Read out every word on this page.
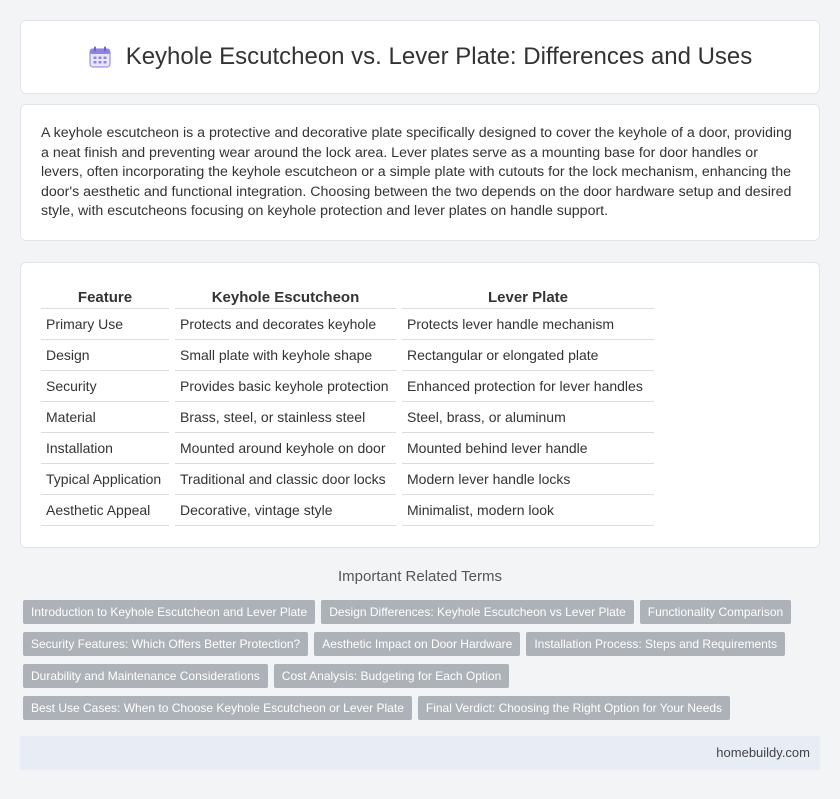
Keyhole Escutcheon vs. Lever Plate: Differences and Uses

A keyhole escutcheon is a protective and decorative plate specifically designed to cover the keyhole of a door, providing a neat finish and preventing wear around the lock area. Lever plates serve as a mounting base for door handles or levers, often incorporating the keyhole escutcheon or a simple plate with cutouts for the lock mechanism, enhancing the door's aesthetic and functional integration. Choosing between the two depends on the door hardware setup and desired style, with escutcheons focusing on keyhole protection and lever plates on handle support.

Feature	Keyhole Escutcheon	Lever Plate
Primary Use	Protects and decorates keyhole	Protects lever handle mechanism
Design	Small plate with keyhole shape	Rectangular or elongated plate
Security	Provides basic keyhole protection	Enhanced protection for lever handles
Material	Brass, steel, or stainless steel	Steel, brass, or aluminum
Installation	Mounted around keyhole on door	Mounted behind lever handle
Typical Application	Traditional and classic door locks	Modern lever handle locks
Aesthetic Appeal	Decorative, vintage style	Minimalist, modern look
Important Related Terms
Introduction to Keyhole Escutcheon and Lever Plate	Design Differences: Keyhole Escutcheon vs Lever Plate	Functionality Comparison
Security Features: Which Offers Better Protection?	Aesthetic Impact on Door Hardware	Installation Process: Steps and Requirements
Durability and Maintenance Considerations	Cost Analysis: Budgeting for Each Option
Best Use Cases: When to Choose Keyhole Escutcheon or Lever Plate	Final Verdict: Choosing the Right Option for Your Needs
homebuildy.com
